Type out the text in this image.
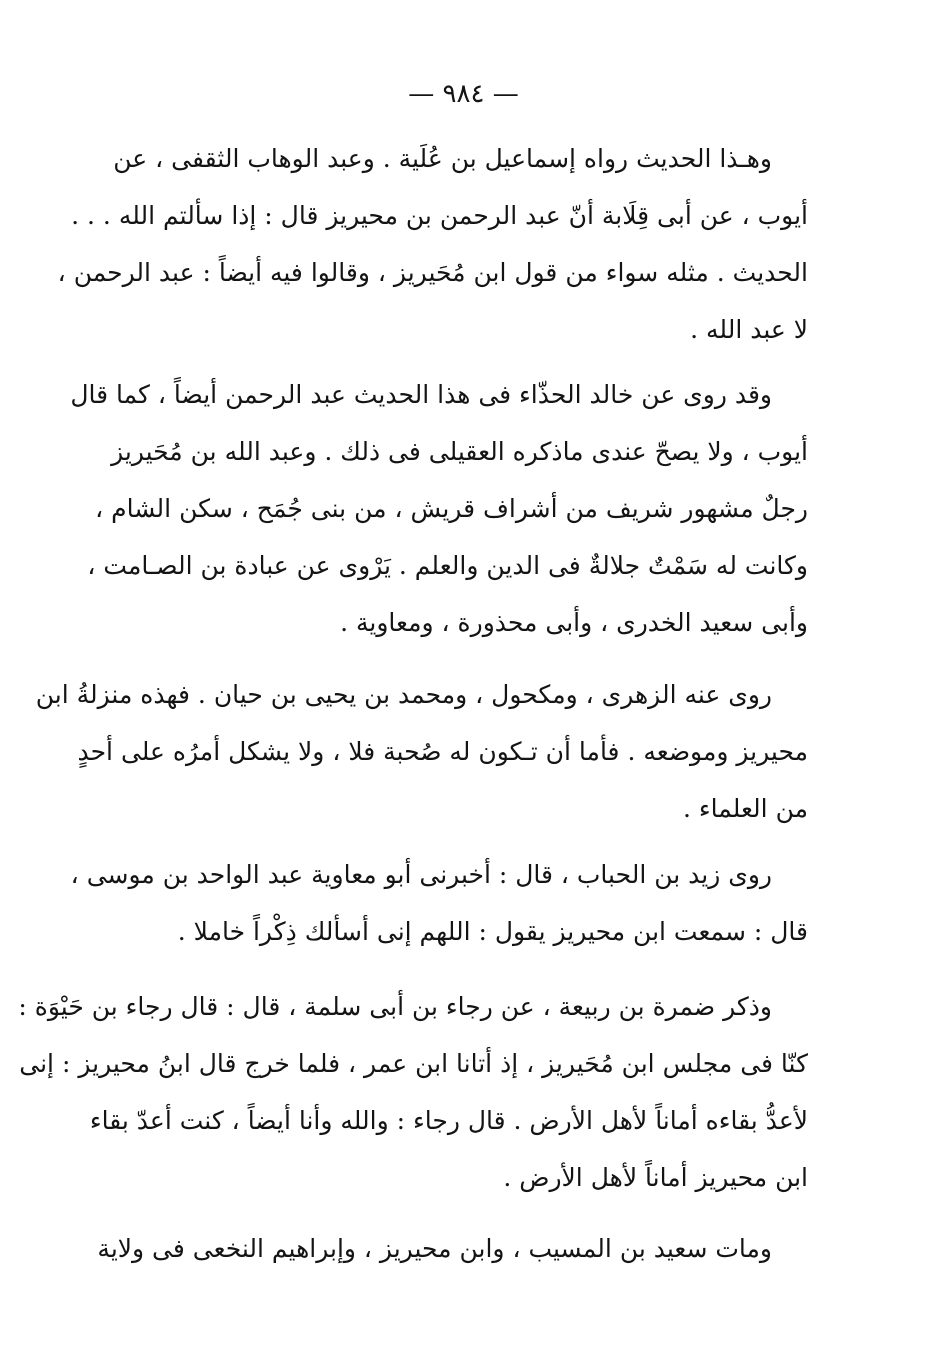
— ٩٨٤ —
وهـذا الحديث رواه إسماعيل بن عُلَية . وعبد الوهاب الثقفى ، عن
أيوب ، عن أبى قِلَابة أنّ عبد الرحمن بن محيريز قال : إذا سألتم الله . . .
الحديث . مثله سواء من قول ابن مُحَيريز ، وقالوا فيه أيضاً : عبد الرحمن ،
لا عبد الله .
وقد روى عن خالد الحذّاء فى هذا الحديث عبد الرحمن أيضاً ، كما قال
أيوب ، ولا يصحّ عندى ماذكره العقيلى فى ذلك . وعبد الله بن مُحَيريز
رجلٌ مشهور شريف من أشراف قريش ، من بنى جُمَح ، سكن الشام ،
وكانت له سَمْتٌ جلالةٌ فى الدين والعلم . يَرْوى عن عبادة بن الصـامت ،
وأبى سعيد الخدرى ، وأبى محذورة ، ومعاوية .
روى عنه الزهرى ، ومكحول ، ومحمد بن يحيى بن حيان . فهذه منزلةُ ابن
محيريز وموضعه . فأما أن تـكون له صُحبة فلا ، ولا يشكل أمرُه على أحدٍ
من العلماء .
روى زيد بن الحباب ، قال : أخبرنى أبو معاوية عبد الواحد بن موسى ،
قال : سمعت ابن محيريز يقول : اللهم إنى أسألك ذِكْراً خاملا .
وذكر ضمرة بن ربيعة ، عن رجاء بن أبى سلمة ، قال : قال رجاء بن حَيْوَة :
كنّا فى مجلس ابن مُحَيريز ، إذ أتانا ابن عمر ، فلما خرج قال ابنُ محيريز : إنى
لأعدُّ بقاءه أماناً لأهل الأرض . قال رجاء : والله وأنا أيضاً ، كنت أعدّ بقاء
ابن محيريز أماناً لأهل الأرض .
ومات سعيد بن المسيب ، وابن محيريز ، وإبراهيم النخعى فى ولاية
